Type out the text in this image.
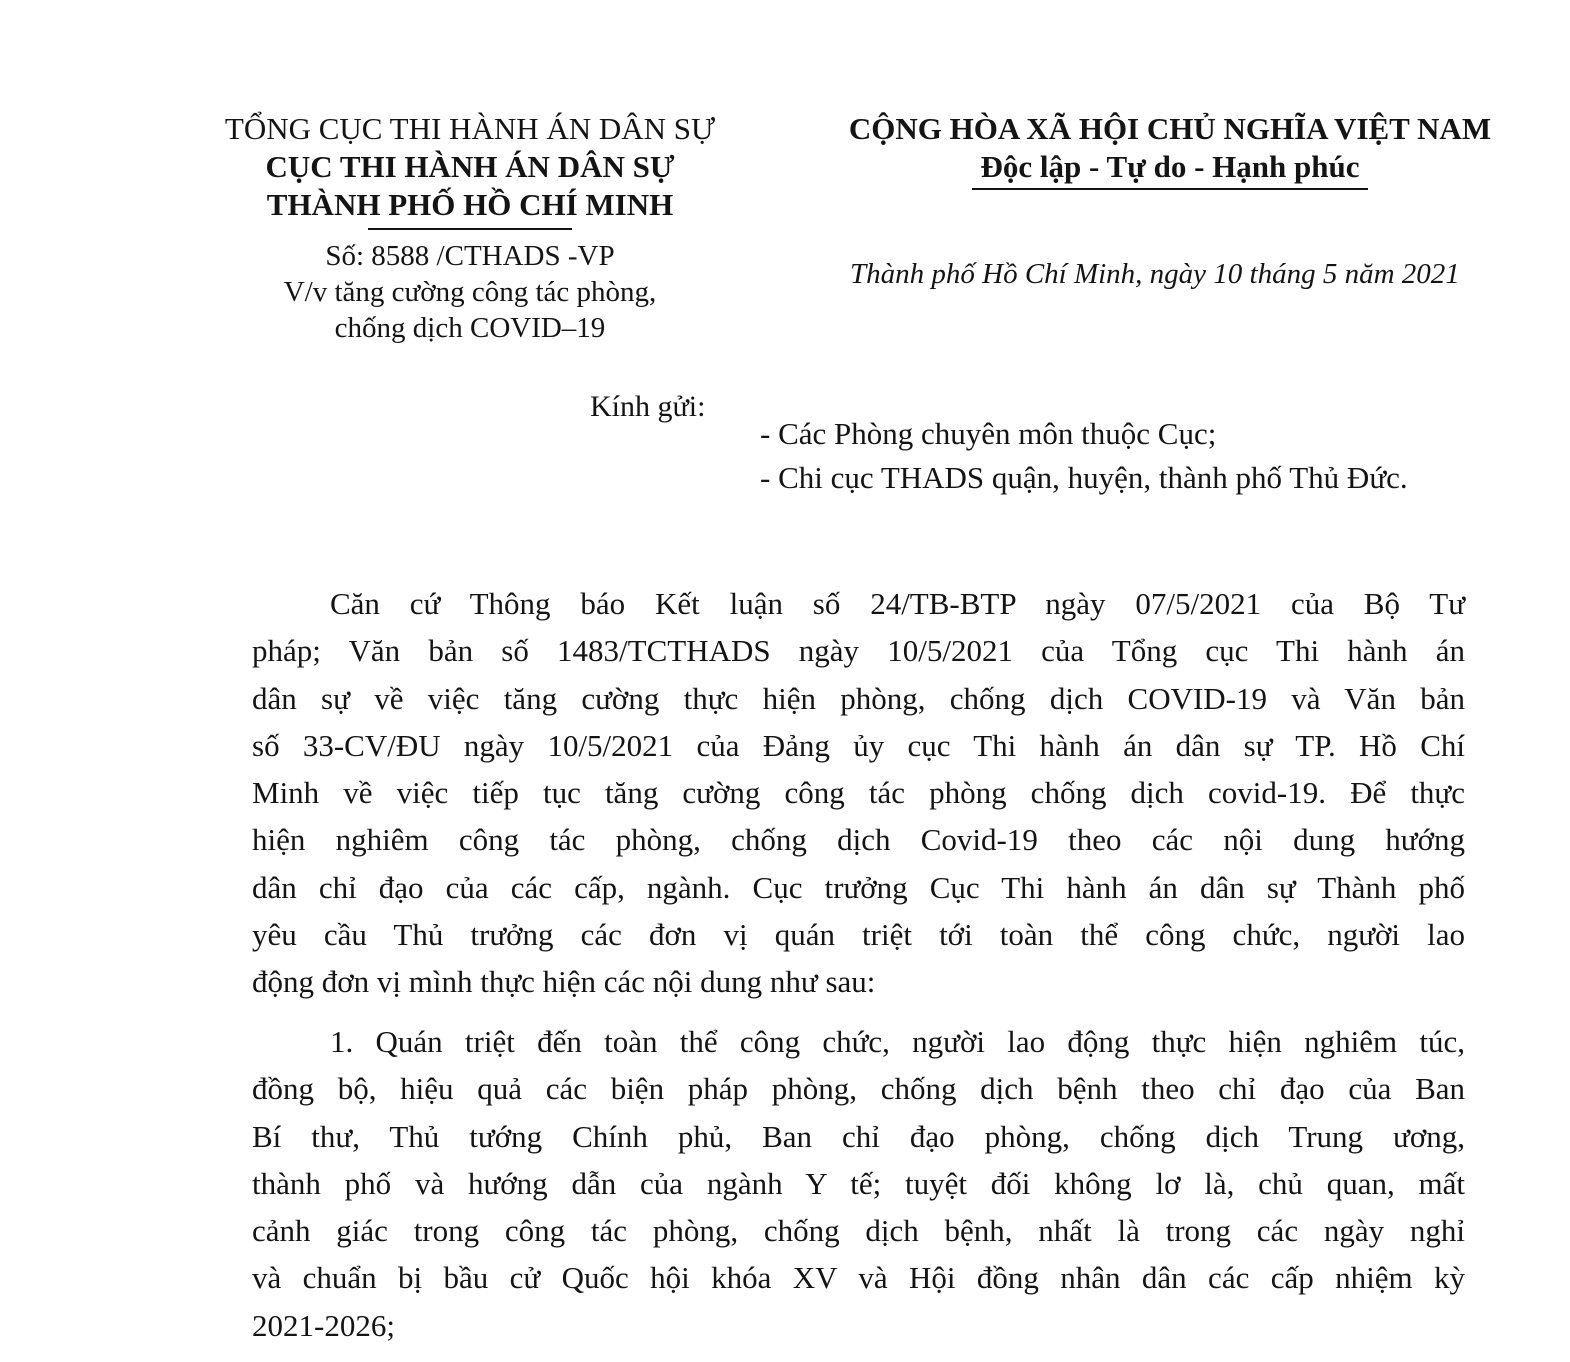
TỔNG CỤC THI HÀNH ÁN DÂN SỰ
CỤC THI HÀNH ÁN DÂN SỰ
THÀNH PHỐ HỒ CHÍ MINH
Số: 8588 /CTHADS -VP
V/v tăng cường công tác phòng,
chống dịch COVID–19
CỘNG HÒA XÃ HỘI CHỦ NGHĨA VIỆT NAM
Độc lập - Tự do - Hạnh phúc
Thành phố Hồ Chí Minh, ngày 10 tháng 5 năm 2021
Kính gửi:
- Các Phòng chuyên môn thuộc Cục;
- Chi cục THADS quận, huyện, thành phố Thủ Đức.
Căn cứ Thông báo Kết luận số 24/TB-BTP ngày 07/5/2021 của Bộ Tư
pháp; Văn bản số 1483/TCTHADS ngày 10/5/2021 của Tổng cục Thi hành án
dân sự về việc tăng cường thực hiện phòng, chống dịch COVID-19 và Văn bản
số 33-CV/ĐU ngày 10/5/2021 của Đảng ủy cục Thi hành án dân sự TP. Hồ Chí
Minh về việc tiếp tục tăng cường công tác phòng chống dịch covid-19. Để thực
hiện nghiêm công tác phòng, chống dịch Covid-19 theo các nội dung hướng
dân chỉ đạo của các cấp, ngành. Cục trưởng Cục Thi hành án dân sự Thành phố
yêu cầu Thủ trưởng các đơn vị quán triệt tới toàn thể công chức, người lao
động đơn vị mình thực hiện các nội dung như sau:
1. Quán triệt đến toàn thể công chức, người lao động thực hiện nghiêm túc,
đồng bộ, hiệu quả các biện pháp phòng, chống dịch bệnh theo chỉ đạo của Ban
Bí thư, Thủ tướng Chính phủ, Ban chỉ đạo phòng, chống dịch Trung ương,
thành phố và hướng dẫn của ngành Y tế; tuyệt đối không lơ là, chủ quan, mất
cảnh giác trong công tác phòng, chống dịch bệnh, nhất là trong các ngày nghỉ
và chuẩn bị bầu cử Quốc hội khóa XV và Hội đồng nhân dân các cấp nhiệm kỳ
2021-2026;
